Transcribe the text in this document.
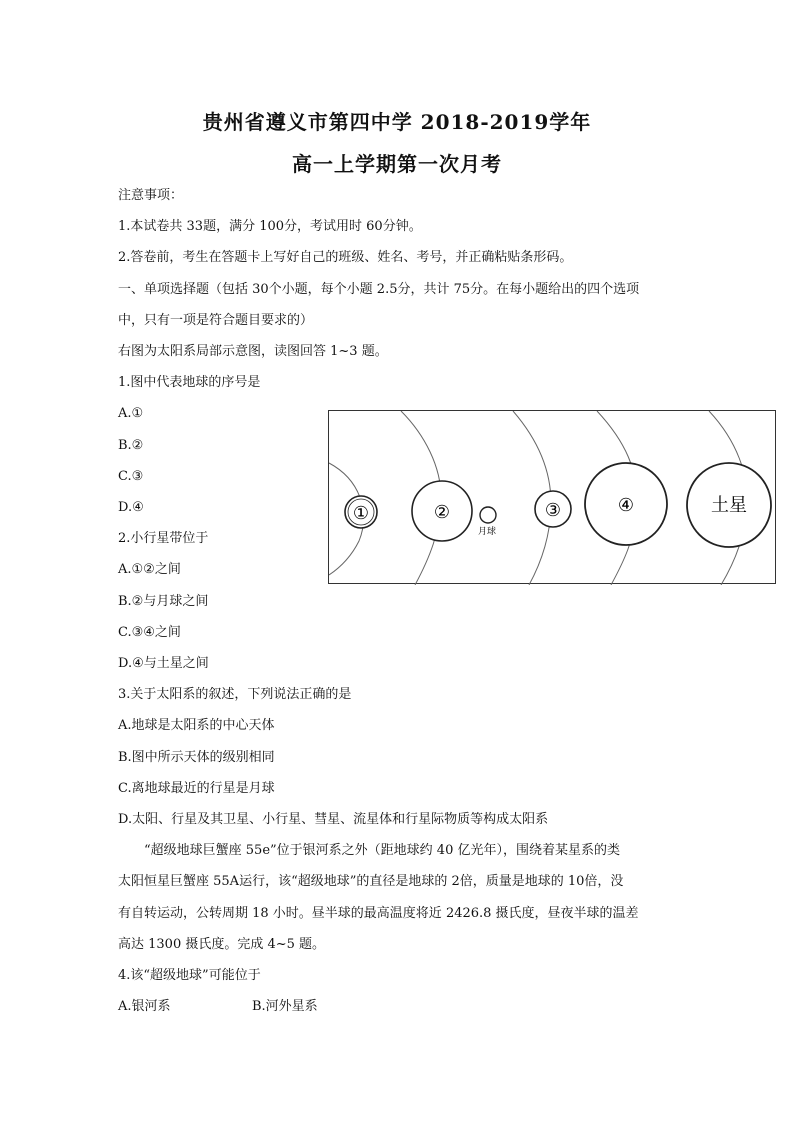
贵州省遵义市第四中学 2018-2019学年
高一上学期第一次月考
注意事项：
1.本试卷共 33题，满分 100分，考试用时 60分钟。
2.答卷前，考生在答题卡上写好自己的班级、姓名、考号，并正确粘贴条形码。
一、单项选择题（包括 30个小题，每个小题 2.5分，共计 75分。在每小题给出的四个选项
中，只有一项是符合题目要求的）
右图为太阳系局部示意图，读图回答 1~3 题。
1.图中代表地球的序号是
A.①
B.②
C.③
D.④
2.小行星带位于
A.①②之间
B.②与月球之间
C.③④之间
D.④与土星之间
3.关于太阳系的叙述，下列说法正确的是
A.地球是太阳系的中心天体
B.图中所示天体的级别相同
C.离地球最近的行星是月球
D.太阳、行星及其卫星、小行星、彗星、流星体和行星际物质等构成太阳系
“超级地球巨蟹座 55e”位于银河系之外（距地球约 40 亿光年），围绕着某星系的类
太阳恒星巨蟹座 55A运行，该“超级地球”的直径是地球的 2倍，质量是地球的 10倍，没
有自转运动，公转周期 18 小时。昼半球的最高温度将近 2426.8 摄氏度，昼夜半球的温差
高达 1300 摄氏度。完成 4~5 题。
4.该“超级地球”可能位于
A.银河系	B.河外星系
①	②
月球
③	④	土星
